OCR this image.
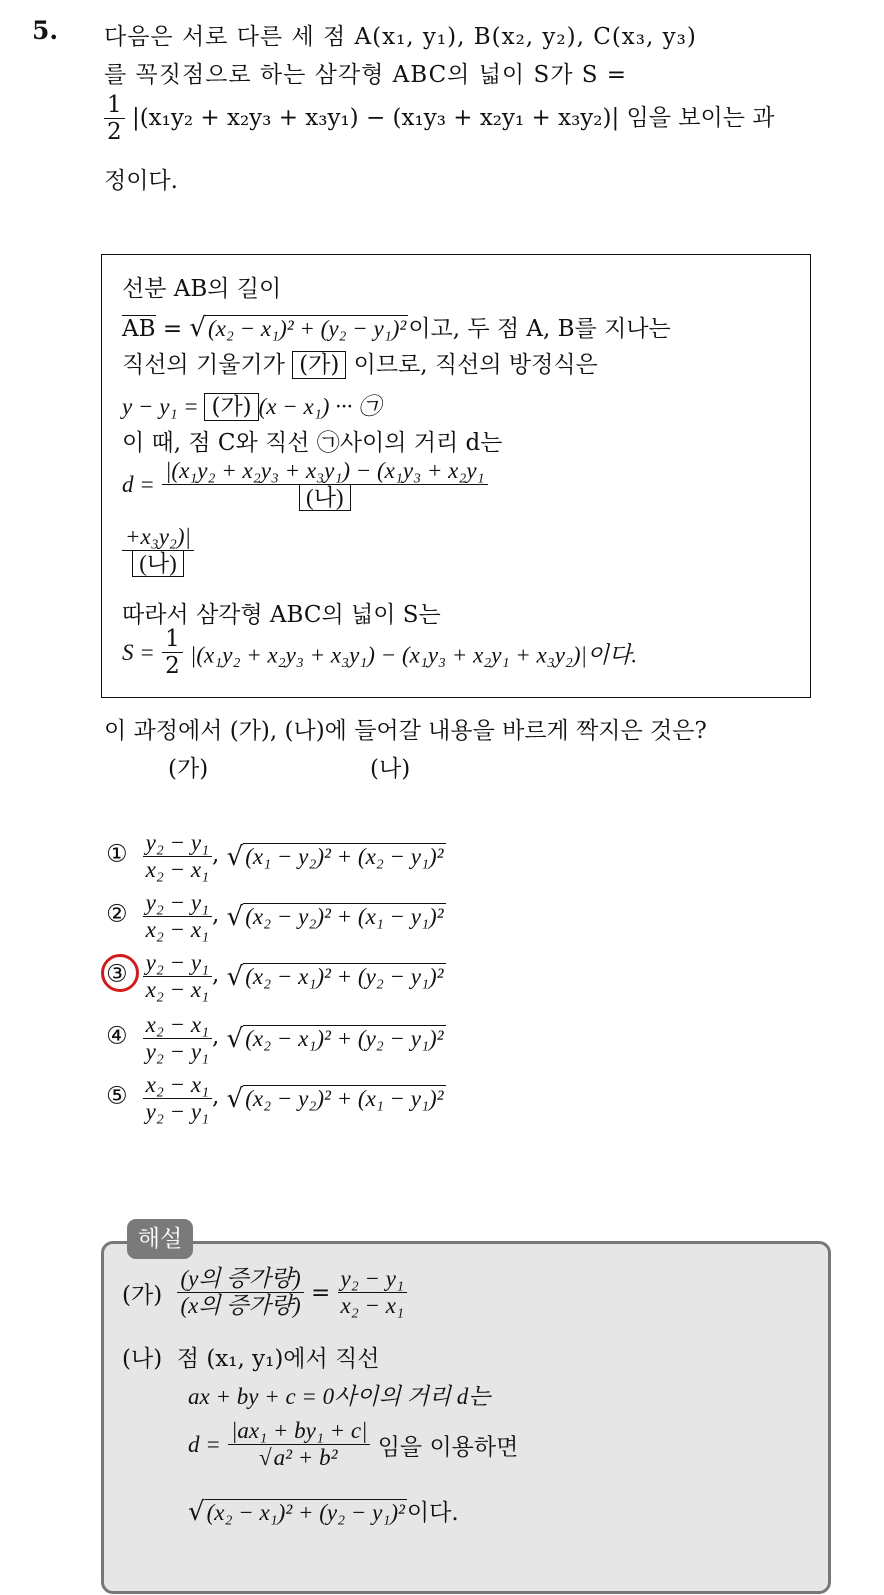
5. 다음은 서로 다른 세 점 A(x₁, y₁), B(x₂, y₂), C(x₃, y₃)
를 꼭짓점으로 하는 삼각형 ABC의 넓이 S가 S =
$\frac{1}{2} |(x_1y_2 + x_2y_3 + x_3y_1) - (x_1y_3 + x_2y_1 + x_3y_2)|$ 임을 보이는 과
정이다.
선분 AB의 길이
AB = √(x₂ − x₁)² + (y₂ − y₁)²이고, 두 점 A, B를 지나는
직선의 기울기가 (가) 이므로, 직선의 방정식은
y − y₁ = (가) (x − x₁) ··· ㉠
이 때, 점 C와 직선 ㉠사이의 거리 d는
$d = \frac{\text{|(x₁y₂ + x₂y₃ + x₃y₁) − (x₁y₃ + x₂y₁}}{\text{(나)}}$
$\frac{\text{+x₃y₂)|}}{\text{(나)}}$
따라서 삼각형 ABC의 넓이 S는
$S = \frac{1}{2} |(x_1y_2 + x_2y_3 + x_3y_1) - (x_1y_3 + x_2y_1 + x_3y_2)|$이다.
이 과정에서 (가), (나)에 들어갈 내용을 바르게 짝지은 것은?
(가)	(나)
① $\frac{\text{y₂ − y₁}}{\text{x₂ − x₁}}$ , √(x₁ − y₂)² + (x₂ − y₁)²
② $\frac{\text{y₂ − y₁}}{\text{x₂ − x₁}}$ , √(x₂ − y₂)² + (x₁ − y₁)²
③ $\frac{\text{y₂ − y₁}}{\text{x₂ − x₁}}$ , √(x₂ − x₁)² + (y₂ − y₁)²
④ $\frac{\text{x₂ − x₁}}{\text{y₂ − y₁}}$ , √(x₂ − x₁)² + (y₂ − y₁)²
⑤ $\frac{\text{x₂ − x₁}}{\text{y₂ − y₁}}$ , √(x₂ − y₂)² + (x₁ − y₁)²
해설
(가) $\frac{\text{(y의 증가량)}}{\text{(x의 증가량)}} = \frac{\text{y₂ − y₁}}{\text{x₂ − x₁}}$
(나) 점 (x₁, y₁)에서 직선
ax + by + c = 0사이의 거리 d는
$d = \frac{\text{|ax₁ + by₁ + c|}}{\text{√a² + b²}}$ 임을 이용하면
√(x₂ − x₁)² + (y₂ − y₁)²이다.
